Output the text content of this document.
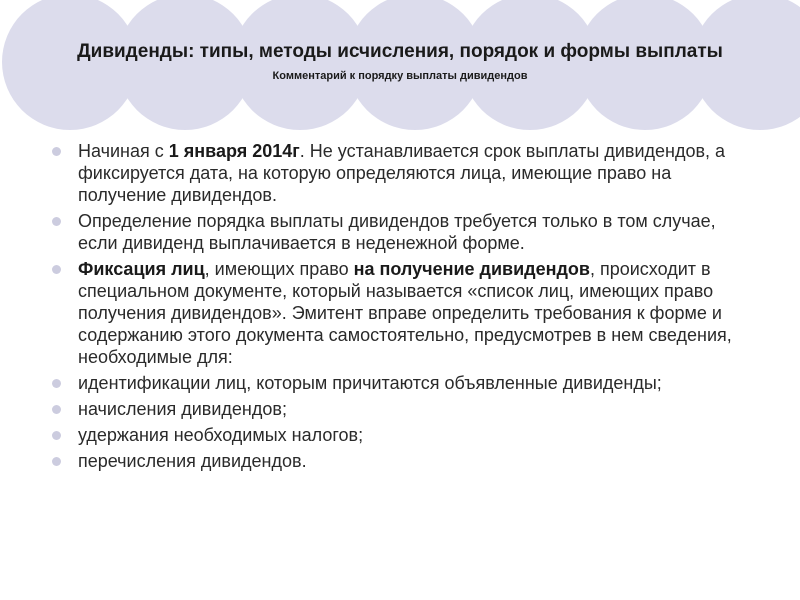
Дивиденды: типы, методы исчисления, порядок и формы выплаты
Комментарий к порядку выплаты дивидендов
Начиная с 1 января 2014г. Не устанавливается срок выплаты дивидендов, а фиксируется дата, на которую определяются лица, имеющие право на получение дивидендов.
Определение порядка выплаты дивидендов требуется только в том случае, если дивиденд выплачивается в неденежной форме.
Фиксация лиц, имеющих право на получение дивидендов, происходит в специальном документе, который называется «список лиц, имеющих право получения дивидендов». Эмитент вправе определить требования к форме и содержанию этого документа самостоятельно, предусмотрев в нем сведения, необходимые для:
идентификации лиц, которым причитаются объявленные дивиденды;
начисления дивидендов;
удержания необходимых налогов;
перечисления дивидендов.
